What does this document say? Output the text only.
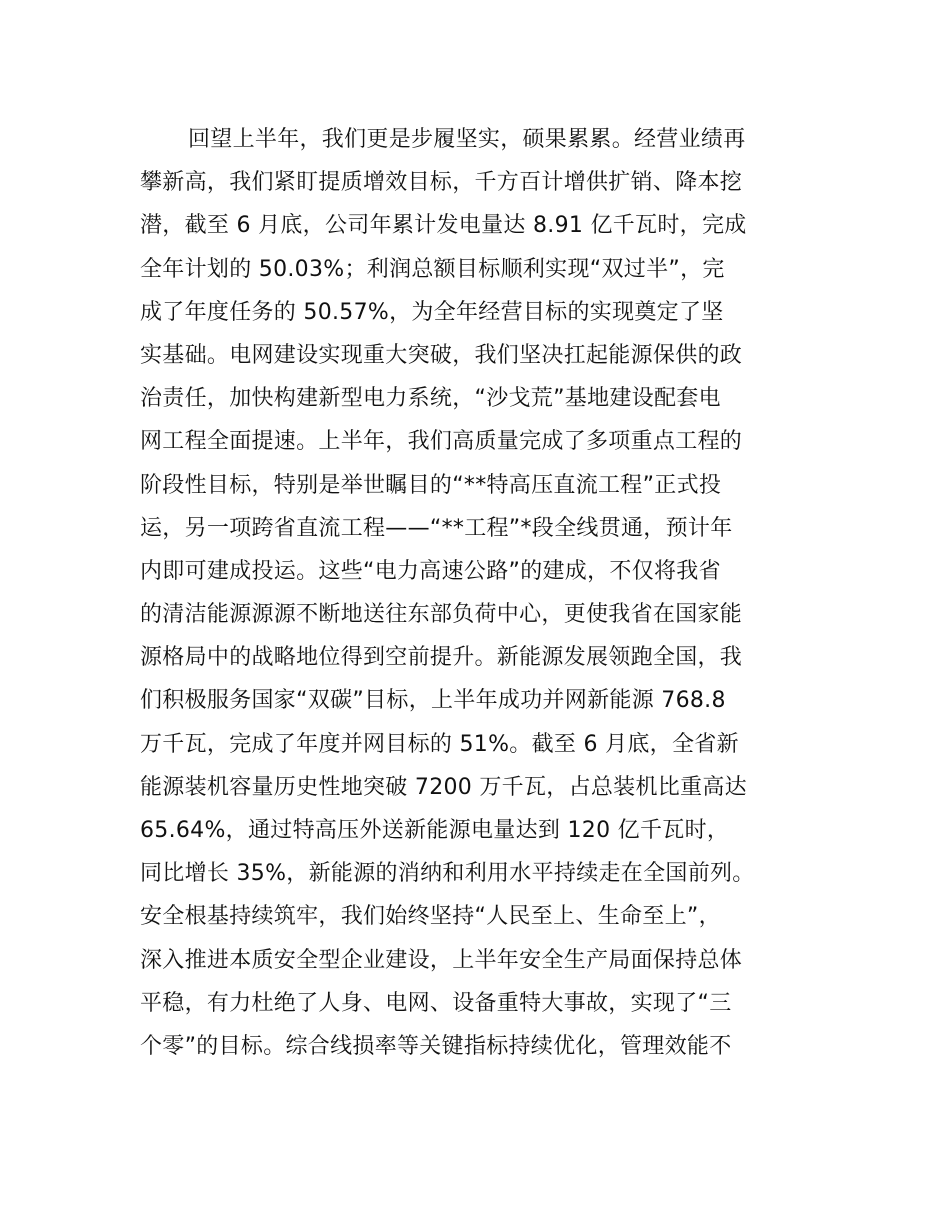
回望上半年，我们更是步履坚实，硕果累累。经营业绩再
攀新高，我们紧盯提质增效目标，千方百计增供扩销、降本挖
潜，截至 6 月底，公司年累计发电量达 8.91 亿千瓦时，完成
全年计划的 50.03%；利润总额目标顺利实现“双过半”，完
成了年度任务的 50.57%，为全年经营目标的实现奠定了坚
实基础。电网建设实现重大突破，我们坚决扛起能源保供的政
治责任，加快构建新型电力系统，“沙戈荒”基地建设配套电
网工程全面提速。上半年，我们高质量完成了多项重点工程的
阶段性目标，特别是举世瞩目的“**特高压直流工程”正式投
运，另一项跨省直流工程——“**工程”*段全线贯通，预计年
内即可建成投运。这些“电力高速公路”的建成，不仅将我省
的清洁能源源源不断地送往东部负荷中心，更使我省在国家能
源格局中的战略地位得到空前提升。新能源发展领跑全国，我
们积极服务国家“双碳”目标，上半年成功并网新能源 768.8
万千瓦，完成了年度并网目标的 51%。截至 6 月底，全省新
能源装机容量历史性地突破 7200 万千瓦，占总装机比重高达
65.64%，通过特高压外送新能源电量达到 120 亿千瓦时，
同比增长 35%，新能源的消纳和利用水平持续走在全国前列。
安全根基持续筑牢，我们始终坚持“人民至上、生命至上”，
深入推进本质安全型企业建设，上半年安全生产局面保持总体
平稳，有力杜绝了人身、电网、设备重特大事故，实现了“三
个零”的目标。综合线损率等关键指标持续优化，管理效能不
